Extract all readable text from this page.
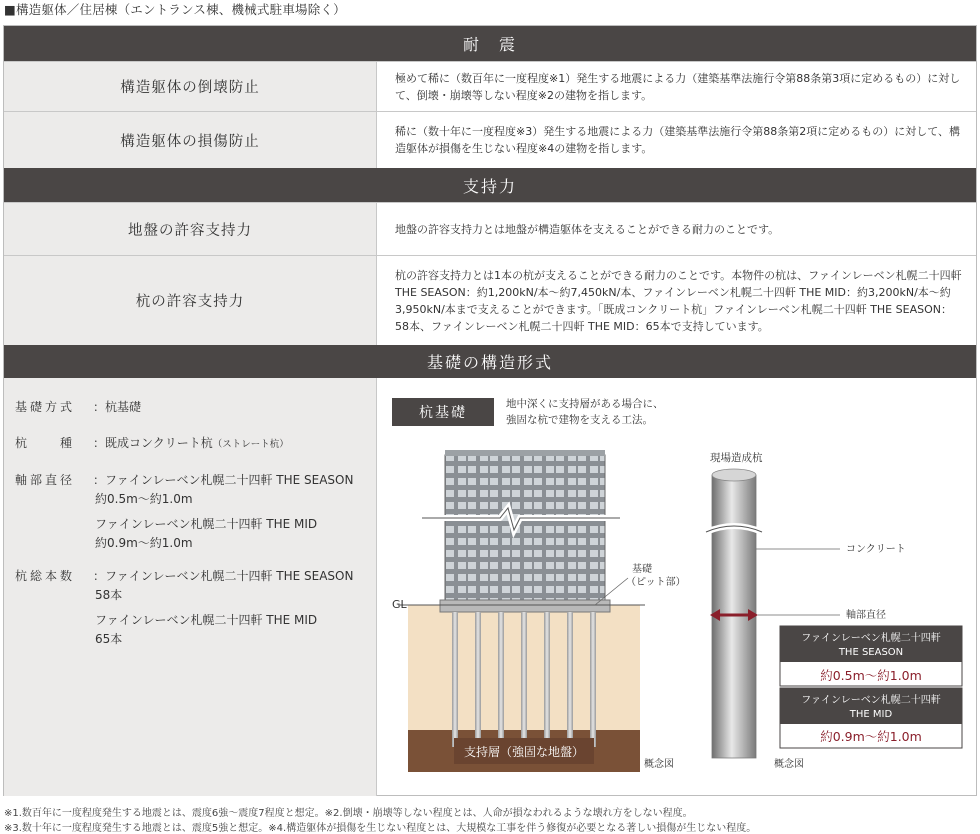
■構造躯体／住居棟（エントランス棟、機械式駐車場除く）
耐　震
構造躯体の倒壊防止
極めて稀に（数百年に一度程度※1）発生する地震による力（建築基準法施行令第88条第3項に定めるもの）に対して、倒壊・崩壊等しない程度※2の建物を指します。
構造躯体の損傷防止
稀に（数十年に一度程度※3）発生する地震による力（建築基準法施行令第88条第2項に定めるもの）に対して、構造躯体が損傷を生じない程度※4の建物を指します。
支持力
地盤の許容支持力	地盤の許容支持力とは地盤が構造躯体を支えることができる耐力のことです。
杭の許容支持力
杭の許容支持力とは1本の杭が支えることができる耐力のことです。本物件の杭は、ファインレーベン札幌二十四軒 THE SEASON：約1,200kN/本～約7,450kN/本、ファインレーベン札幌二十四軒 THE MID：約3,200kN/本～約3,950kN/本まで支えることができます。「既成コンクリート杭」ファインレーベン札幌二十四軒 THE SEASON：58本、ファインレーベン札幌二十四軒 THE MID：65本で支持しています。
基礎の構造形式
基礎方式 ：杭基礎
杭　　種 ：既成コンクリート杭（ストレート杭）
軸部直径 ：ファインレーベン札幌二十四軒 THE SEASON
約0.5m～約1.0m
ファインレーベン札幌二十四軒 THE MID
約0.9m～約1.0m
杭総本数 ：ファインレーベン札幌二十四軒 THE SEASON
58本
ファインレーベン札幌二十四軒 THE MID
65本
杭基礎
地中深くに支持層がある場合に、
強固な杭で建物を支える工法。
GL
基礎
（ピット部）
支持層（強固な地盤）
概念図
現場造成杭
コンクリート
軸部直径
ファインレーベン札幌二十四軒
THE SEASON
約0.5m～約1.0m
ファインレーベン札幌二十四軒
THE MID
約0.9m～約1.0m
概念図
※1.数百年に一度程度発生する地震とは、震度6強～震度7程度と想定。※2.倒壊・崩壊等しない程度とは、人命が損なわれるような壊れ方をしない程度。
※3.数十年に一度程度発生する地震とは、震度5強と想定。※4.構造躯体が損傷を生じない程度とは、大規模な工事を伴う修復が必要となる著しい損傷が生じない程度。
